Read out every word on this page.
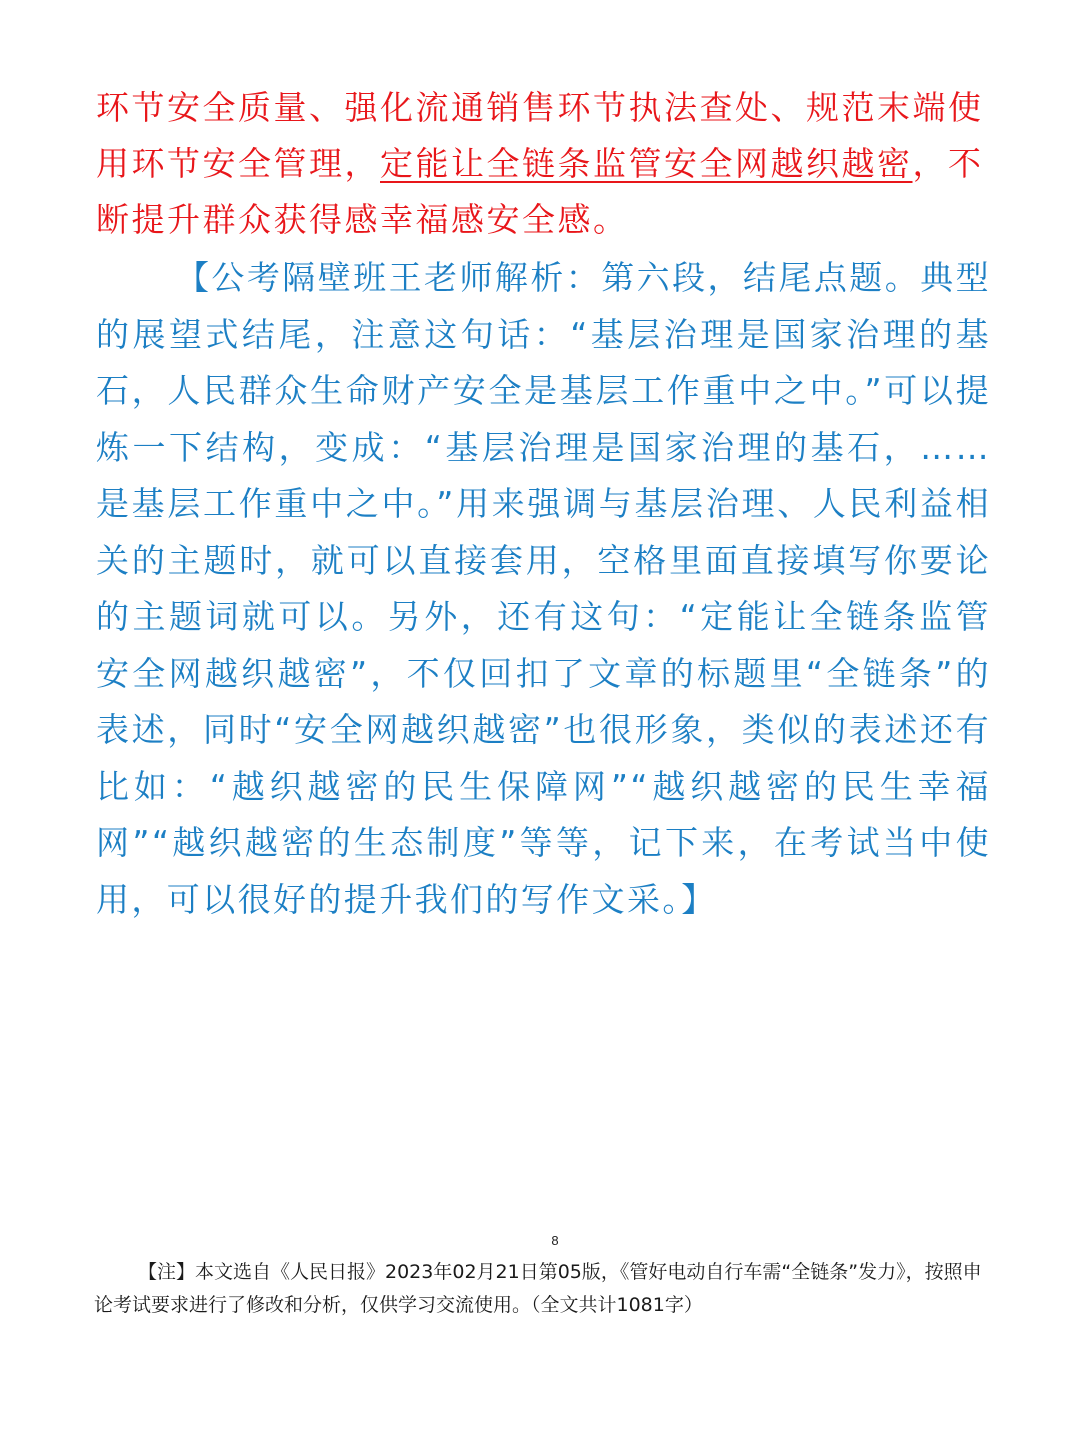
环节安全质量、强化流通销售环节执法查处、规范末端使用环节安全管理，定能让全链条监管安全网越织越密，不断提升群众获得感幸福感安全感。

【公考隔壁班王老师解析：第六段，结尾点题。典型的展望式结尾，注意这句话：“基层治理是国家治理的基石，人民群众生命财产安全是基层工作重中之中。”可以提炼一下结构，变成：“基层治理是国家治理的基石，……是基层工作重中之中。”用来强调与基层治理、人民利益相关的主题时，就可以直接套用，空格里面直接填写你要论的主题词就可以。另外，还有这句：“定能让全链条监管安全网越织越密”，不仅回扣了文章的标题里“全链条”的表述，同时“安全网越织越密”也很形象，类似的表述还有比如：“越织越密的民生保障网”“越织越密的民生幸福网”“越织越密的生态制度”等等，记下来，在考试当中使用，可以很好的提升我们的写作文采。】

8

【注】本文选自《人民日报》2023年02月21日第05版，《管好电动自行车需“全链条”发力》，按照申论考试要求进行了修改和分析，仅供学习交流使用。（全文共计1081字）
